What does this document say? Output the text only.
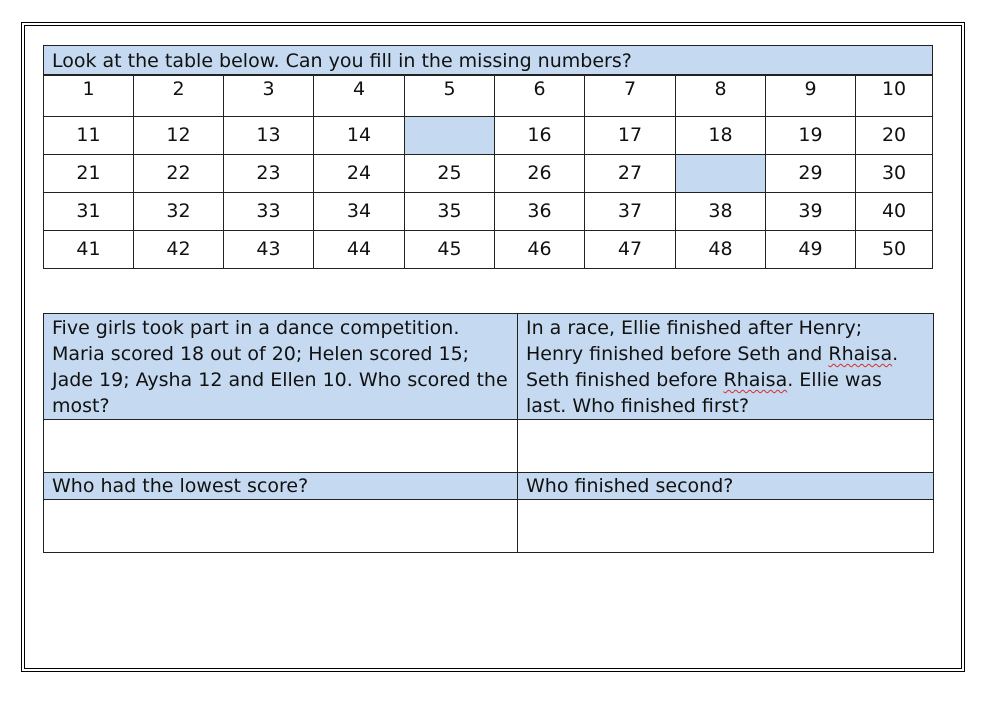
Look at the table below. Can you fill in the missing numbers?									
1	2	3	4	5	6	7	8	9	10
11	12	13	14		16	17	18	19	20
21	22	23	24	25	26	27		29	30
31	32	33	34	35	36	37	38	39	40
41	42	43	44	45	46	47	48	49	50
Five girls took part in a dance competition. Maria scored 18 out of 20; Helen scored 15; Jade 19; Aysha 12 and Ellen 10. Who scored the most?	In a race, Ellie finished after Henry; Henry finished before Seth and Rhaisa. Seth finished before Rhaisa. Ellie was last. Who finished first?

Who had the lowest score?	Who finished second?
